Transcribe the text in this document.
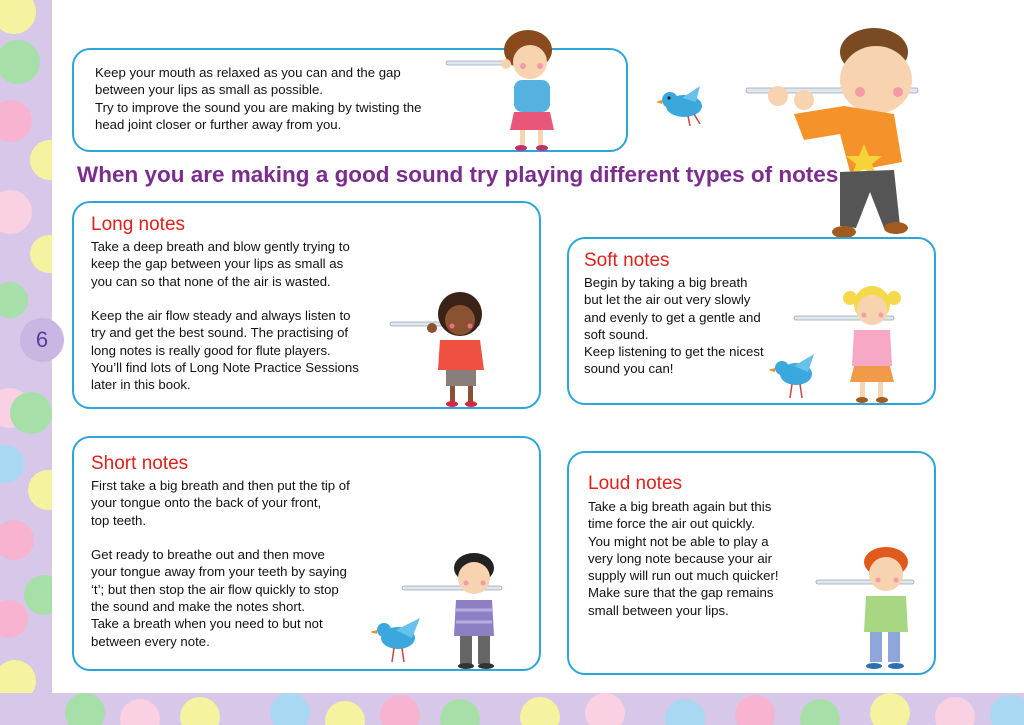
6
Keep your mouth as relaxed as you can and the gap
between your lips as small as possible.
Try to improve the sound you are making by twisting the
head joint closer or further away from you.
When you are making a good sound try playing different types of notes
Long notes
Take a deep breath and blow gently trying to
keep the gap between your lips as small as
you can so that none of the air is wasted.

Keep the air flow steady and always listen to
try and get the best sound. The practising of
long notes is really good for flute players.
You’ll find lots of Long Note Practice Sessions
later in this book.
Soft notes
Begin by taking a big breath
but let the air out very slowly
and evenly to get a gentle and
soft sound.
Keep listening to get the nicest
sound you can!
Short notes
First take a big breath and then put the tip of
your tongue onto the back of your front,
top teeth.

Get ready to breathe out and then move
your tongue away from your teeth by saying
‘t’; but then stop the air flow quickly to stop
the sound and make the notes short.
Take a breath when you need to but not
between every note.
Loud notes
Take a big breath again but this
time force the air out quickly.
You might not be able to play a
very long note because your air
supply will run out much quicker!
Make sure that the gap remains
small between your lips.
